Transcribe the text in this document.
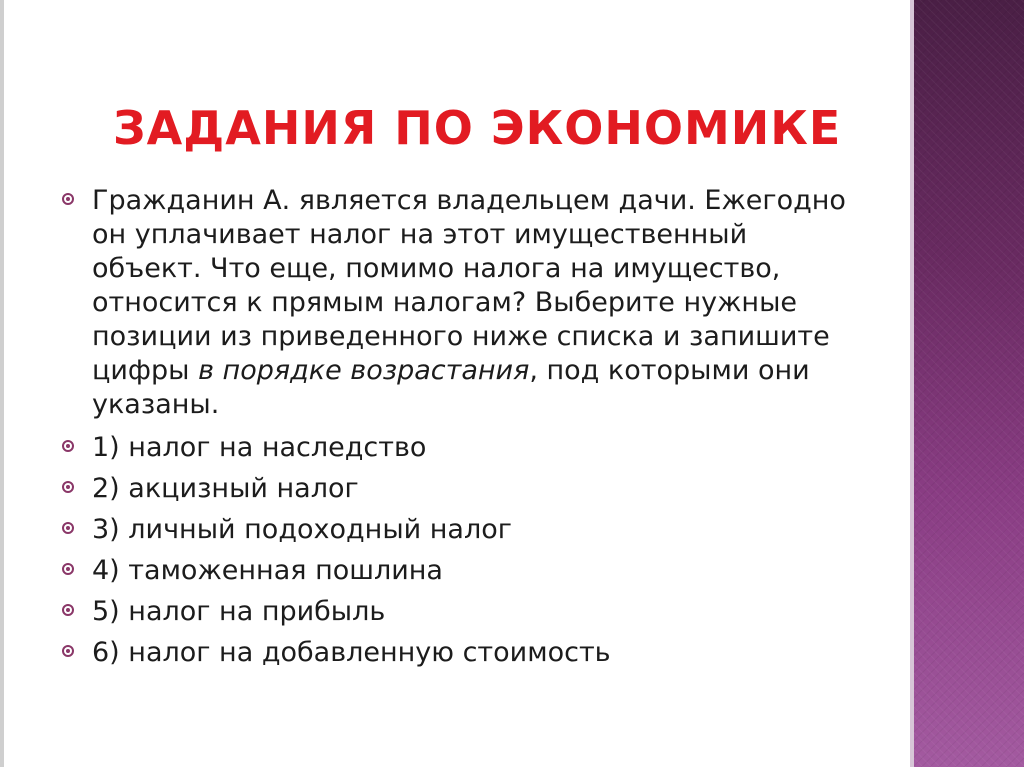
ЗАДАНИЯ ПО ЭКОНОМИКЕ
Гражданин А. является владельцем дачи. Ежегодно он уплачивает налог на этот имущественный объект. Что еще, помимо налога на имущество, относится к прямым налогам? Выберите нужные позиции из приведенного ниже списка и запишите цифры в порядке возрастания, под которыми они указаны.
1) налог на наследство
2) акцизный налог
3) личный подоходный налог
4) таможенная пошлина
5) налог на прибыль
6) налог на добавленную стоимость
